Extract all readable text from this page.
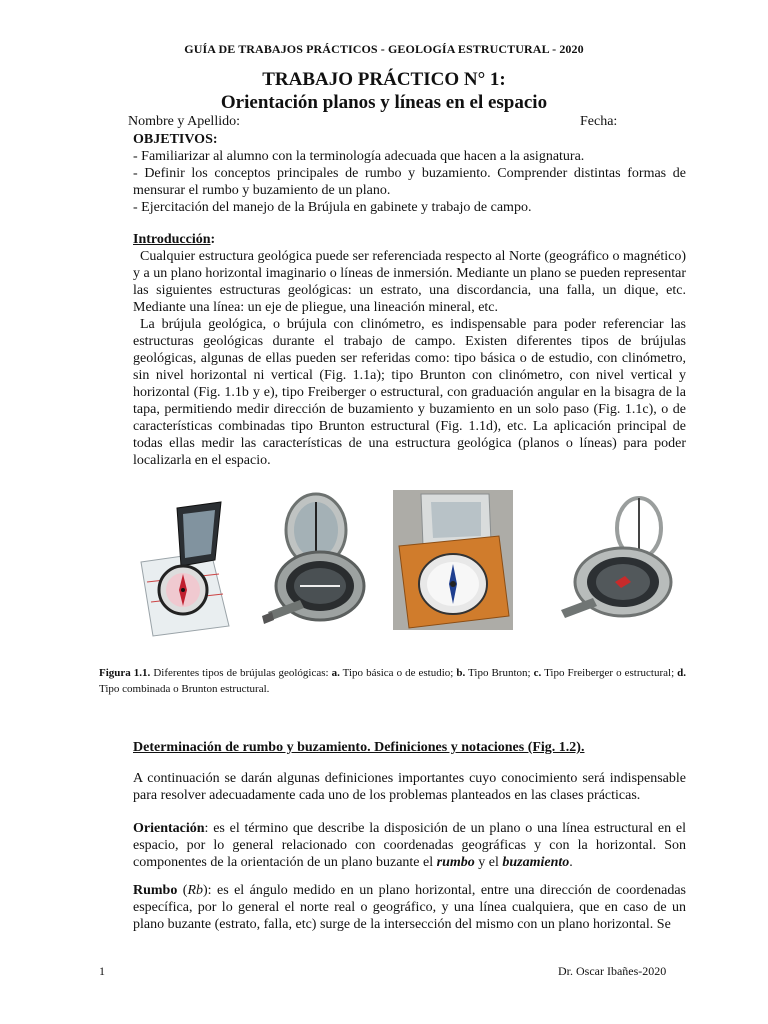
GUÍA DE TRABAJOS PRÁCTICOS - GEOLOGÍA ESTRUCTURAL - 2020
TRABAJO PRÁCTICO N° 1:
Orientación planos y líneas en el espacio
Nombre y Apellido:	Fecha:

OBJETIVOS:

- Familiarizar al alumno con la terminología adecuada que hacen a la asignatura.

- Definir los conceptos principales de rumbo y buzamiento. Comprender distintas formas de mensurar el rumbo y buzamiento de un plano.

- Ejercitación del manejo de la Brújula en gabinete y trabajo de campo.

Introducción:

Cualquier estructura geológica puede ser referenciada respecto al Norte (geográfico o magnético) y a un plano horizontal imaginario o líneas de inmersión. Mediante un plano se pueden representar las siguientes estructuras geológicas: un estrato, una discordancia, una falla, un dique, etc. Mediante una línea: un eje de pliegue, una lineación mineral, etc.

La brújula geológica, o brújula con clinómetro, es indispensable para poder referenciar las estructuras geológicas durante el trabajo de campo. Existen diferentes tipos de brújulas geológicas, algunas de ellas pueden ser referidas como: tipo básica o de estudio, con clinómetro, sin nivel horizontal ni vertical (Fig. 1.1a); tipo Brunton con clinómetro, con nivel vertical y horizontal (Fig. 1.1b y e), tipo Freiberger o estructural, con graduación angular en la bisagra de la tapa, permitiendo medir dirección de buzamiento y buzamiento en un solo paso (Fig. 1.1c), o de características combinadas tipo Brunton estructural (Fig. 1.1d), etc. La aplicación principal de todas ellas medir las características de una estructura geológica (planos o líneas) para poder localizarla en el espacio.

Figura 1.1. Diferentes tipos de brújulas geológicas: a. Tipo básica o de estudio; b. Tipo Brunton; c. Tipo Freiberger o estructural; d. Tipo combinada o Brunton estructural.
Determinación de rumbo y buzamiento. Definiciones y notaciones (Fig. 1.2).

A continuación se darán algunas definiciones importantes cuyo conocimiento será indispensable para resolver adecuadamente cada uno de los problemas planteados en las clases prácticas.

Orientación: es el término que describe la disposición de un plano o una línea estructural en el espacio, por lo general relacionado con coordenadas geográficas y con la horizontal. Son componentes de la orientación de un plano buzante el rumbo y el buzamiento.

Rumbo (Rb): es el ángulo medido en un plano horizontal, entre una dirección de coordenadas específica, por lo general el norte real o geográfico, y una línea cualquiera, que en caso de un plano buzante (estrato, falla, etc) surge de la intersección del mismo con un plano horizontal. Se

1	Dr. Oscar Ibañes-2020
